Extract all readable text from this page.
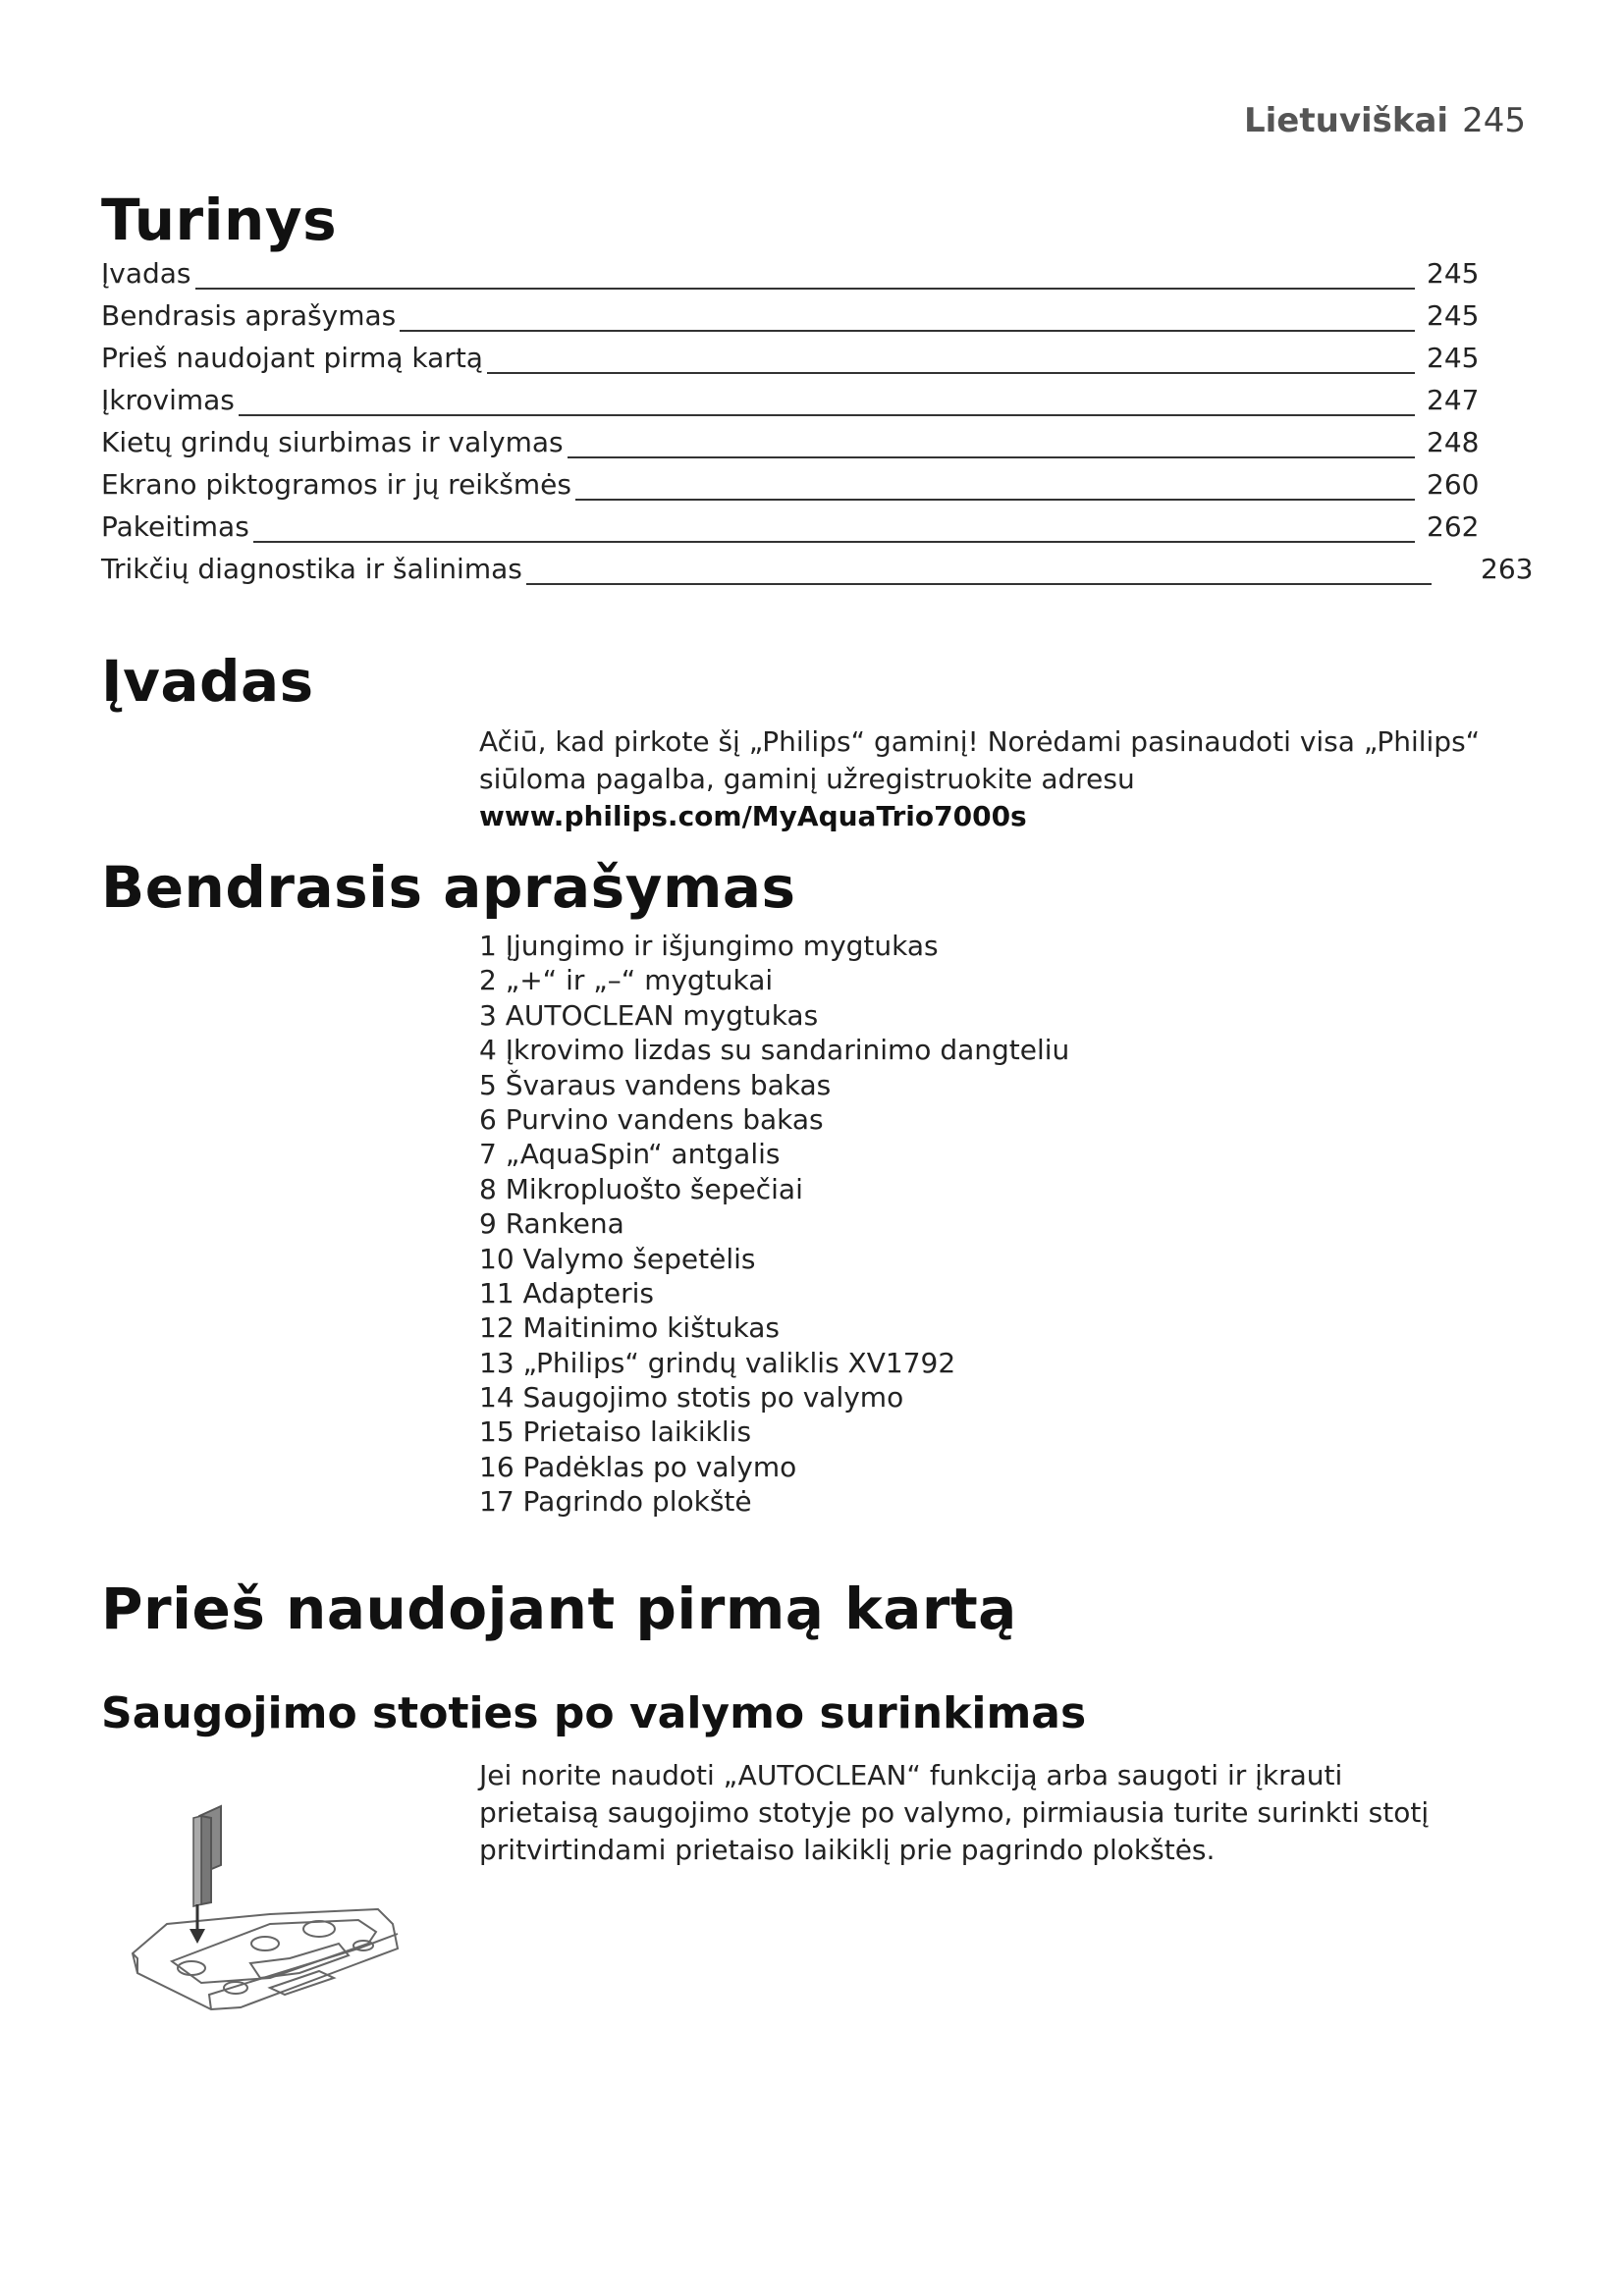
Lietuviškai 245
Turinys
Įvadas	245
Bendrasis aprašymas	245
Prieš naudojant pirmą kartą	245
Įkrovimas	247
Kietų grindų siurbimas ir valymas	248
Ekrano piktogramos ir jų reikšmės	260
Pakeitimas	262
Trikčių diagnostika ir šalinimas	263
Įvadas
Ačiū, kad pirkote šį „Philips“ gaminį! Norėdami pasinaudoti visa „Philips“ siūloma pagalba, gaminį užregistruokite adresu www.philips.com/MyAquaTrio7000s
Bendrasis aprašymas
1 Įjungimo ir išjungimo mygtukas
2 „+“ ir „–“ mygtukai
3 AUTOCLEAN mygtukas
4 Įkrovimo lizdas su sandarinimo dangteliu
5 Švaraus vandens bakas
6 Purvino vandens bakas
7 „AquaSpin“ antgalis
8 Mikropluošto šepečiai
9 Rankena
10 Valymo šepetėlis
11 Adapteris
12 Maitinimo kištukas
13 „Philips“ grindų valiklis XV1792
14 Saugojimo stotis po valymo
15 Prietaiso laikiklis
16 Padėklas po valymo
17 Pagrindo plokštė
Prieš naudojant pirmą kartą
Saugojimo stoties po valymo surinkimas
Jei norite naudoti „AUTOCLEAN“ funkciją arba saugoti ir įkrauti prietaisą saugojimo stotyje po valymo, pirmiausia turite surinkti stotį pritvirtindami prietaiso laikiklį prie pagrindo plokštės.
